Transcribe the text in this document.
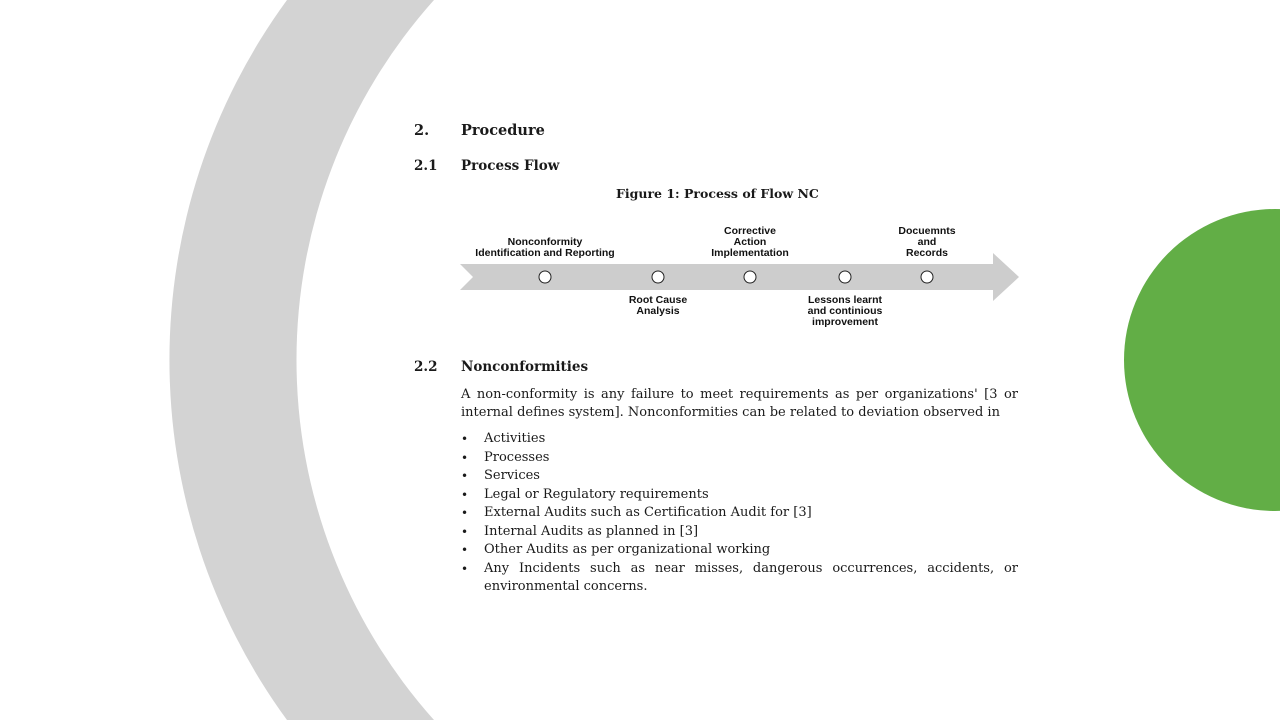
2. Procedure
2.1 Process Flow
Figure 1: Process of Flow NC
Nonconformity
Identification and Reporting
Corrective
Action
Implementation
Docuemnts
and
Records
Root Cause
Analysis
Lessons learnt
and continious
improvement
2.2 Nonconformities
A non-conformity is any failure to meet requirements as per organizations' [3 or internal defines system]. Nonconformities can be related to deviation observed in
• Activities
• Processes
• Services
• Legal or Regulatory requirements
• External Audits such as Certification Audit for [3]
• Internal Audits as planned in [3]
• Other Audits as per organizational working
• Any Incidents such as near misses, dangerous occurrences, accidents, or environmental concerns.
